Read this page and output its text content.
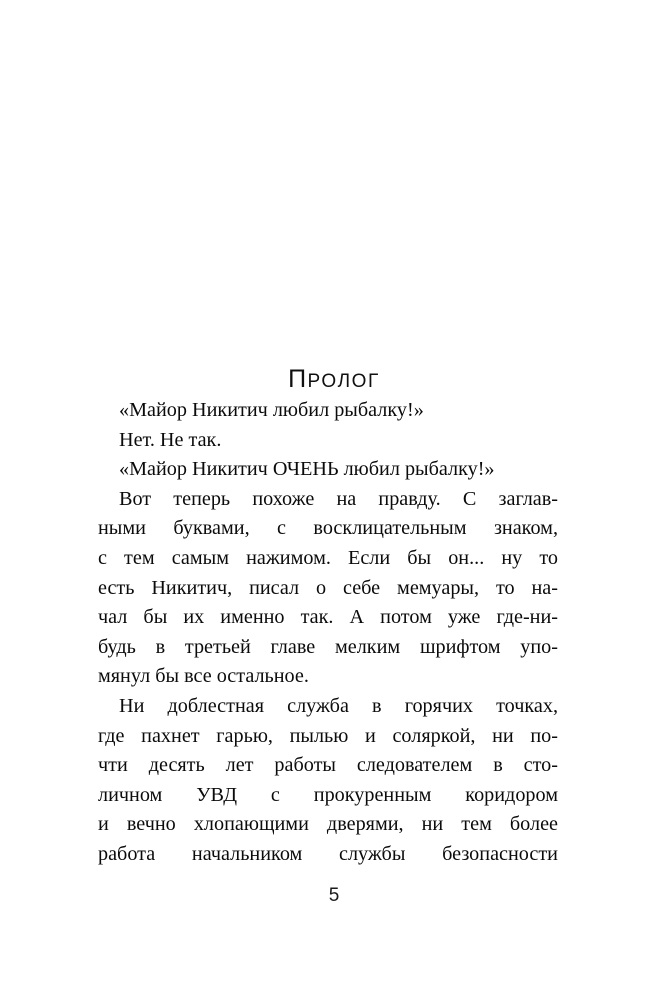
ПРОЛОГ

«Майор Никитич любил рыбалку!»

Нет. Не так.

«Майор Никитич ОЧЕНЬ любил рыбалку!»

Вот теперь похоже на правду. С заглав-
ными буквами, с восклицательным знаком,
с тем самым нажимом. Если бы он... ну то
есть Никитич, писал о себе мемуары, то на-
чал бы их именно так. А потом уже где-ни-
будь в третьей главе мелким шрифтом упо-
мянул бы все остальное.

Ни доблестная служба в горячих точках,
где пахнет гарью, пылью и соляркой, ни по-
чти десять лет работы следователем в сто-
личном УВД с прокуренным коридором
и вечно хлопающими дверями, ни тем более
работа начальником службы безопасности

5
